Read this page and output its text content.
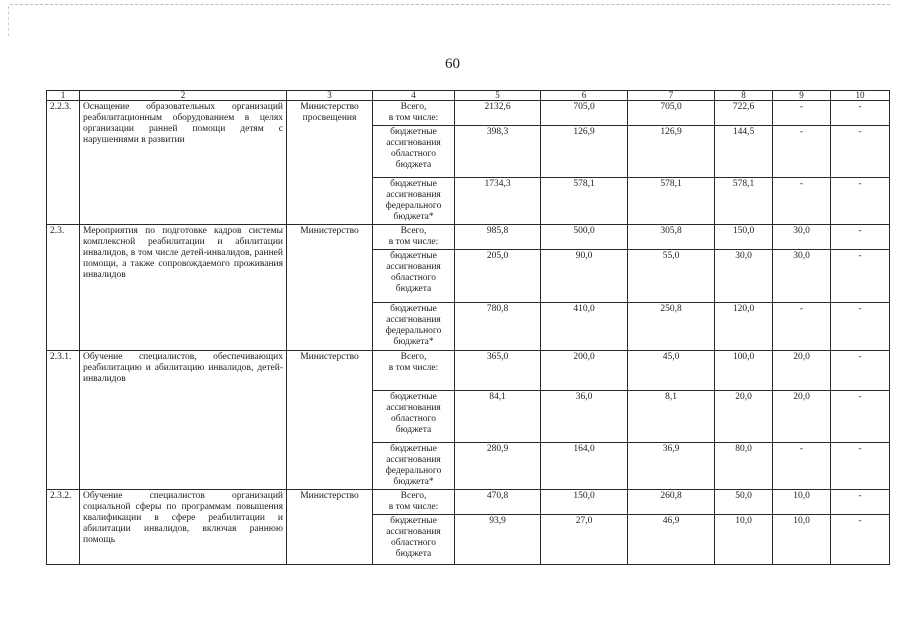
60
1	2	3	4	5	6	7	8	9	10
2.2.3.	Оснащение образовательных организаций реабилитационным оборудованием в целях организации ранней помощи детям с нарушениями в развитии	Министерство просвещения	Всего,
в том числе:	2132,6	705,0	705,0	722,6	-	-
			бюджетные
ассигнования
областного
бюджета	398,3	126,9	126,9	144,5	-	-
			бюджетные
ассигнования
федерального
бюджета*	1734,3	578,1	578,1	578,1	-	-
2.3.	Мероприятия по подготовке кадров системы комплексной реабилитации и абилитации инвалидов, в том числе детей-инвалидов, ранней помощи, а также сопровождаемого проживания инвалидов	Министерство	Всего,
в том числе:	985,8	500,0	305,8	150,0	30,0	-
			бюджетные
ассигнования
областного
бюджета	205,0	90,0	55,0	30,0	30,0	-
			бюджетные
ассигнования
федерального
бюджета*	780,8	410,0	250,8	120,0	-	-
2.3.1.	Обучение специалистов, обеспечивающих реабилитацию и абилитацию инвалидов, детей-инвалидов	Министерство	Всего,
в том числе:	365,0	200,0	45,0	100,0	20,0	-
			бюджетные
ассигнования
областного
бюджета	84,1	36,0	8,1	20,0	20,0	-
			бюджетные
ассигнования
федерального
бюджета*	280,9	164,0	36,9	80,0	-	-
2.3.2.	Обучение специалистов организаций социальной сферы по программам повышения квалификации в сфере реабилитации и абилитации инвалидов, включая раннюю помощь	Министерство	Всего,
в том числе:	470,8	150,0	260,8	50,0	10,0	-
			бюджетные
ассигнования
областного
бюджета	93,9	27,0	46,9	10,0	10,0	-
